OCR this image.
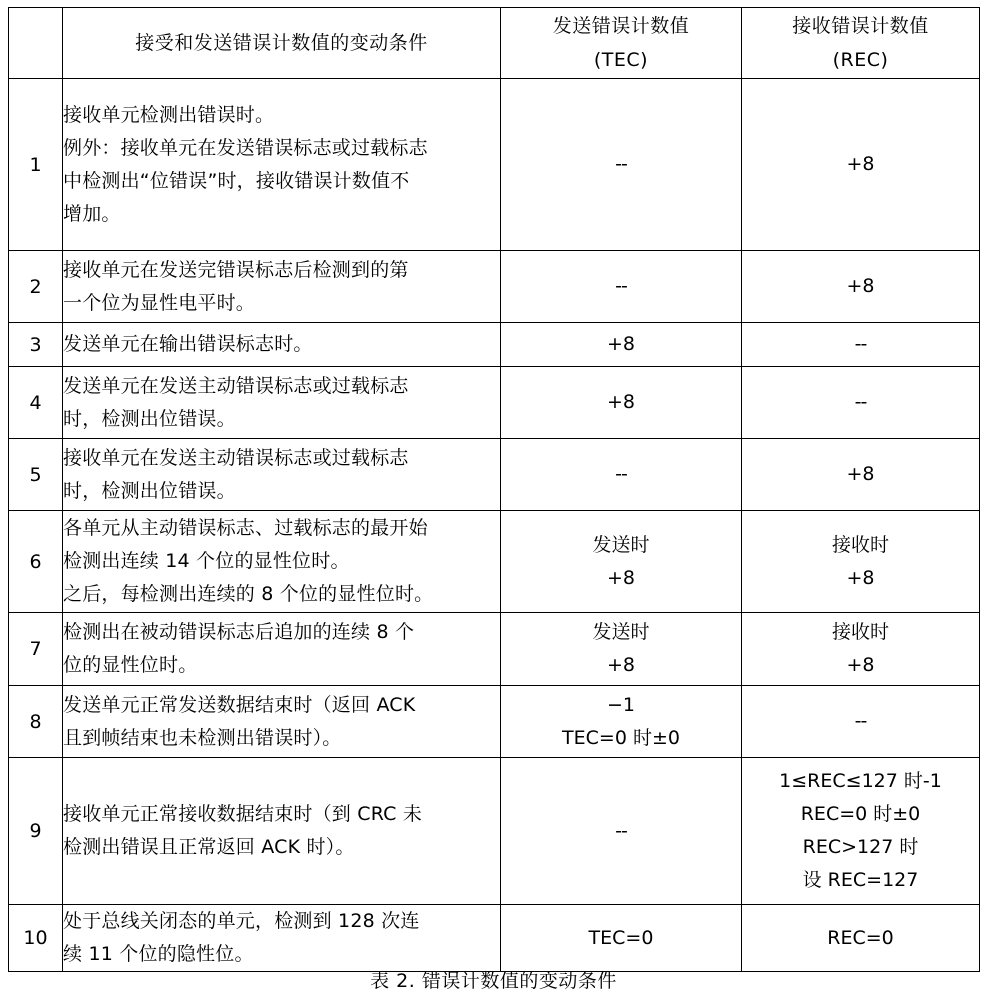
	接受和发送错误计数值的变动条件	发送错误计数值
(TEC)	接收错误计数值
(REC)

1	接收单元检测出错误时。
例外：接收单元在发送错误标志或过载标志
中检测出“位错误”时，接收错误计数值不
增加。	--	+8

2	接收单元在发送完错误标志后检测到的第
一个位为显性电平时。	--	+8

3	发送单元在输出错误标志时。	+8	--

4	发送单元在发送主动错误标志或过载标志
时，检测出位错误。	+8	--

5	接收单元在发送主动错误标志或过载标志
时，检测出位错误。	--	+8

6	各单元从主动错误标志、过载标志的最开始
检测出连续 14 个位的显性位时。
之后，每检测出连续的 8 个位的显性位时。	发送时
+8	接收时
+8

7	检测出在被动错误标志后追加的连续 8 个
位的显性位时。	发送时
+8	接收时
+8

8	发送单元正常发送数据结束时（返回 ACK
且到帧结束也未检测出错误时）。	−1
TEC=0 时±0	--

9	接收单元正常接收数据结束时（到 CRC 未
检测出错误且正常返回 ACK 时）。	--	1≤REC≤127 时-1
REC=0 时±0
REC>127 时
设 REC=127

10	处于总线关闭态的单元，检测到 128 次连
续 11 个位的隐性位。	TEC=0	REC=0
表 2. 错误计数值的变动条件
